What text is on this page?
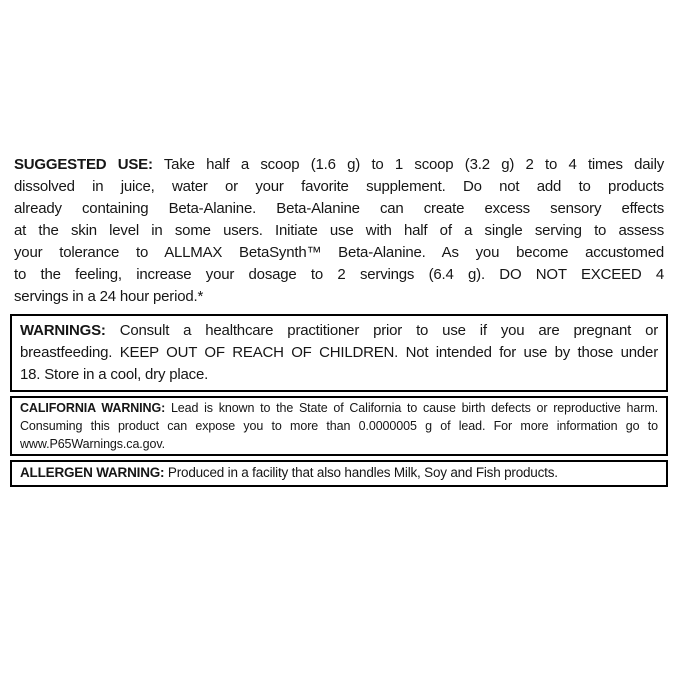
SUGGESTED USE: Take half a scoop (1.6 g) to 1 scoop (3.2 g) 2 to 4 times daily
dissolved in juice, water or your favorite supplement. Do not add to products
already containing Beta-Alanine. Beta-Alanine can create excess sensory effects
at the skin level in some users. Initiate use with half of a single serving to assess
your tolerance to ALLMAX BetaSynth™ Beta-Alanine. As you become accustomed
to the feeling, increase your dosage to 2 servings (6.4 g). DO NOT EXCEED 4
servings in a 24 hour period.*
WARNINGS: Consult a healthcare practitioner prior to use if you are pregnant or
breastfeeding. KEEP OUT OF REACH OF CHILDREN. Not intended for use by those under
18. Store in a cool, dry place.
CALIFORNIA WARNING: Lead is known to the State of California to cause birth defects or reproductive harm.
Consuming this product can expose you to more than 0.0000005 g of lead. For more information go to
www.P65Warnings.ca.gov.
ALLERGEN WARNING: Produced in a facility that also handles Milk, Soy and Fish products.
